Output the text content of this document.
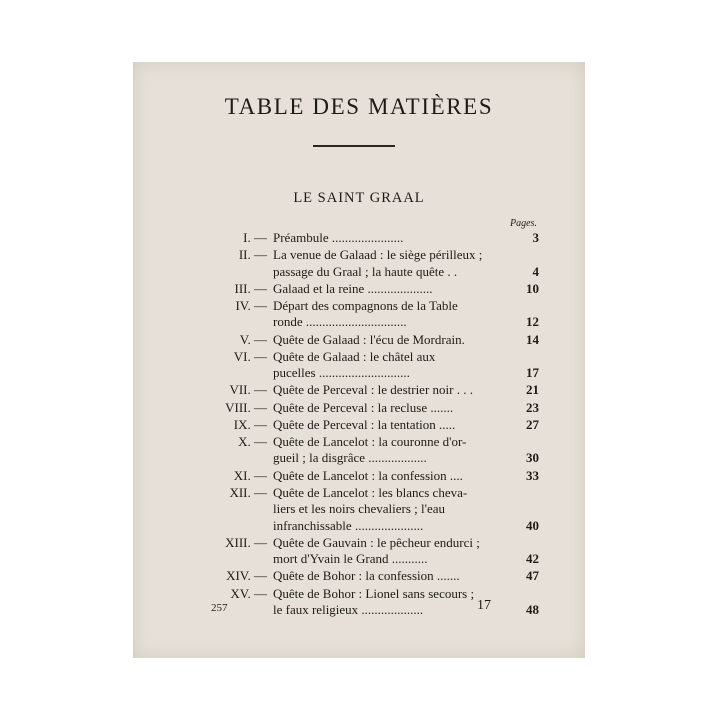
TABLE DES MATIÈRES
LE SAINT GRAAL
Pages.
I. — Préambule ......................	3
II. — La venue de Galaad : le siège périlleux ;
passage du Graal ; la haute quête . .	4
III. — Galaad et la reine ....................	10
IV. — Départ des compagnons de la Table
ronde ...............................	12
V. — Quête de Galaad : l'écu de Mordrain.	14
VI. — Quête de Galaad : le châtel aux
pucelles ............................	17
VII. — Quête de Perceval : le destrier noir . . .	21
VIII. — Quête de Perceval : la recluse .......	23
IX. — Quête de Perceval : la tentation .....	27
X. — Quête de Lancelot : la couronne d'or-
gueil ; la disgrâce ..................	30
XI. — Quête de Lancelot : la confession ....	33
XII. — Quête de Lancelot : les blancs cheva-
liers et les noirs chevaliers ; l'eau
infranchissable .....................	40
XIII. — Quête de Gauvain : le pêcheur endurci ;
mort d'Yvain le Grand ...........	42
XIV. — Quête de Bohor : la confession .......	47
XV. — Quête de Bohor : Lionel sans secours ;
le faux religieux ...................	48
257	17
